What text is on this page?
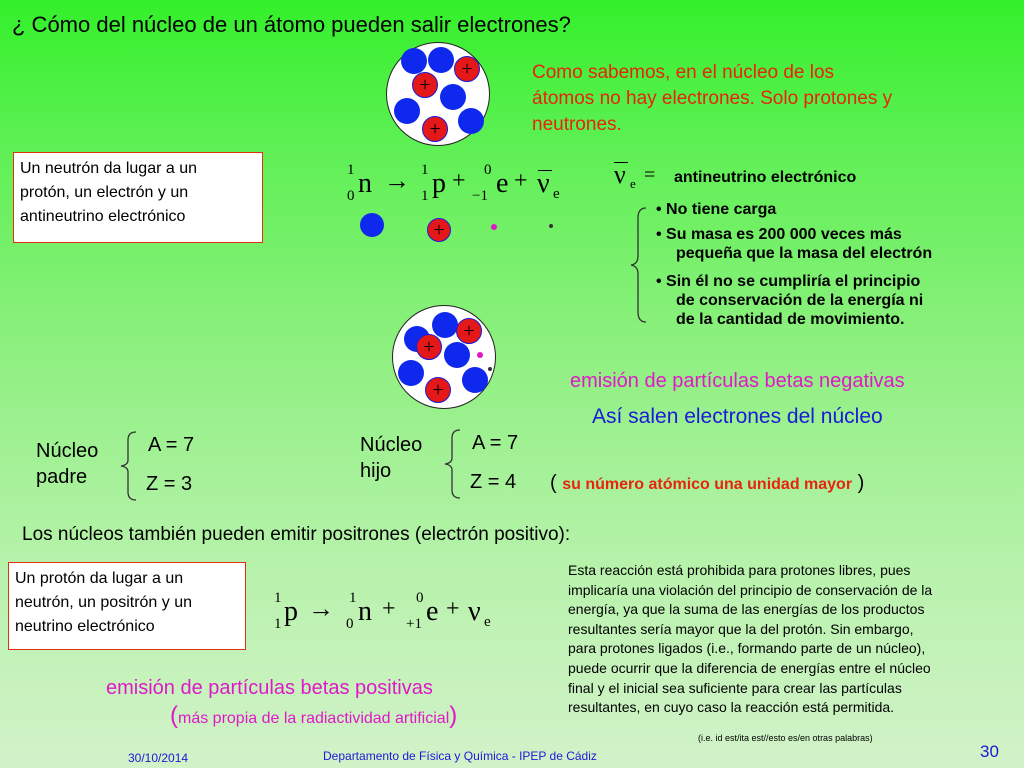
¿ Cómo del núcleo de un átomo pueden salir electrones?
+
+
+
Como sabemos, en el núcleo de los
átomos no hay electrones. Solo protones y
neutrones.
Un neutrón da lugar a un
protón, un electrón y un
antineutrino electrónico
1
0 n → 1
1 p + 0
−1 e + ν e
+
ν e = antineutrino electrónico
• No tiene carga
• Su masa es 200 000 veces más
pequeña que la masa del electrón
• Sin él no se cumpliría el principio
de conservación de la energía ni
de la cantidad de movimiento.
+
+
+	emisión de partículas betas negativas
Así salen electrones del núcleo
Núcleo
padre
A = 7
Z = 3
Núcleo
hijo
A = 7
Z = 4 ( su número atómico una unidad mayor )
Los núcleos también pueden emitir positrones (electrón positivo):
Un protón da lugar a un
neutrón, un positrón y un
neutrino electrónico
1
1 p → 1
0 n + 0
+1 e + ν e
Esta reacción está prohibida para protones libres, pues
implicaría una violación del principio de conservación de la
energía, ya que la suma de las energías de los productos
resultantes sería mayor que la del protón. Sin embargo,
para protones ligados (i.e., formando parte de un núcleo),
puede ocurrir que la diferencia de energías entre el núcleo
final y el inicial sea suficiente para crear las partículas
resultantes, en cuyo caso la reacción está permitida.
(i.e. id est/ita est//esto es/en otras palabras)
emisión de partículas betas positivas
(más propia de la radiactividad artificial)
30/10/2014	Departamento de Física y Química - IPEP de Cádiz	30
